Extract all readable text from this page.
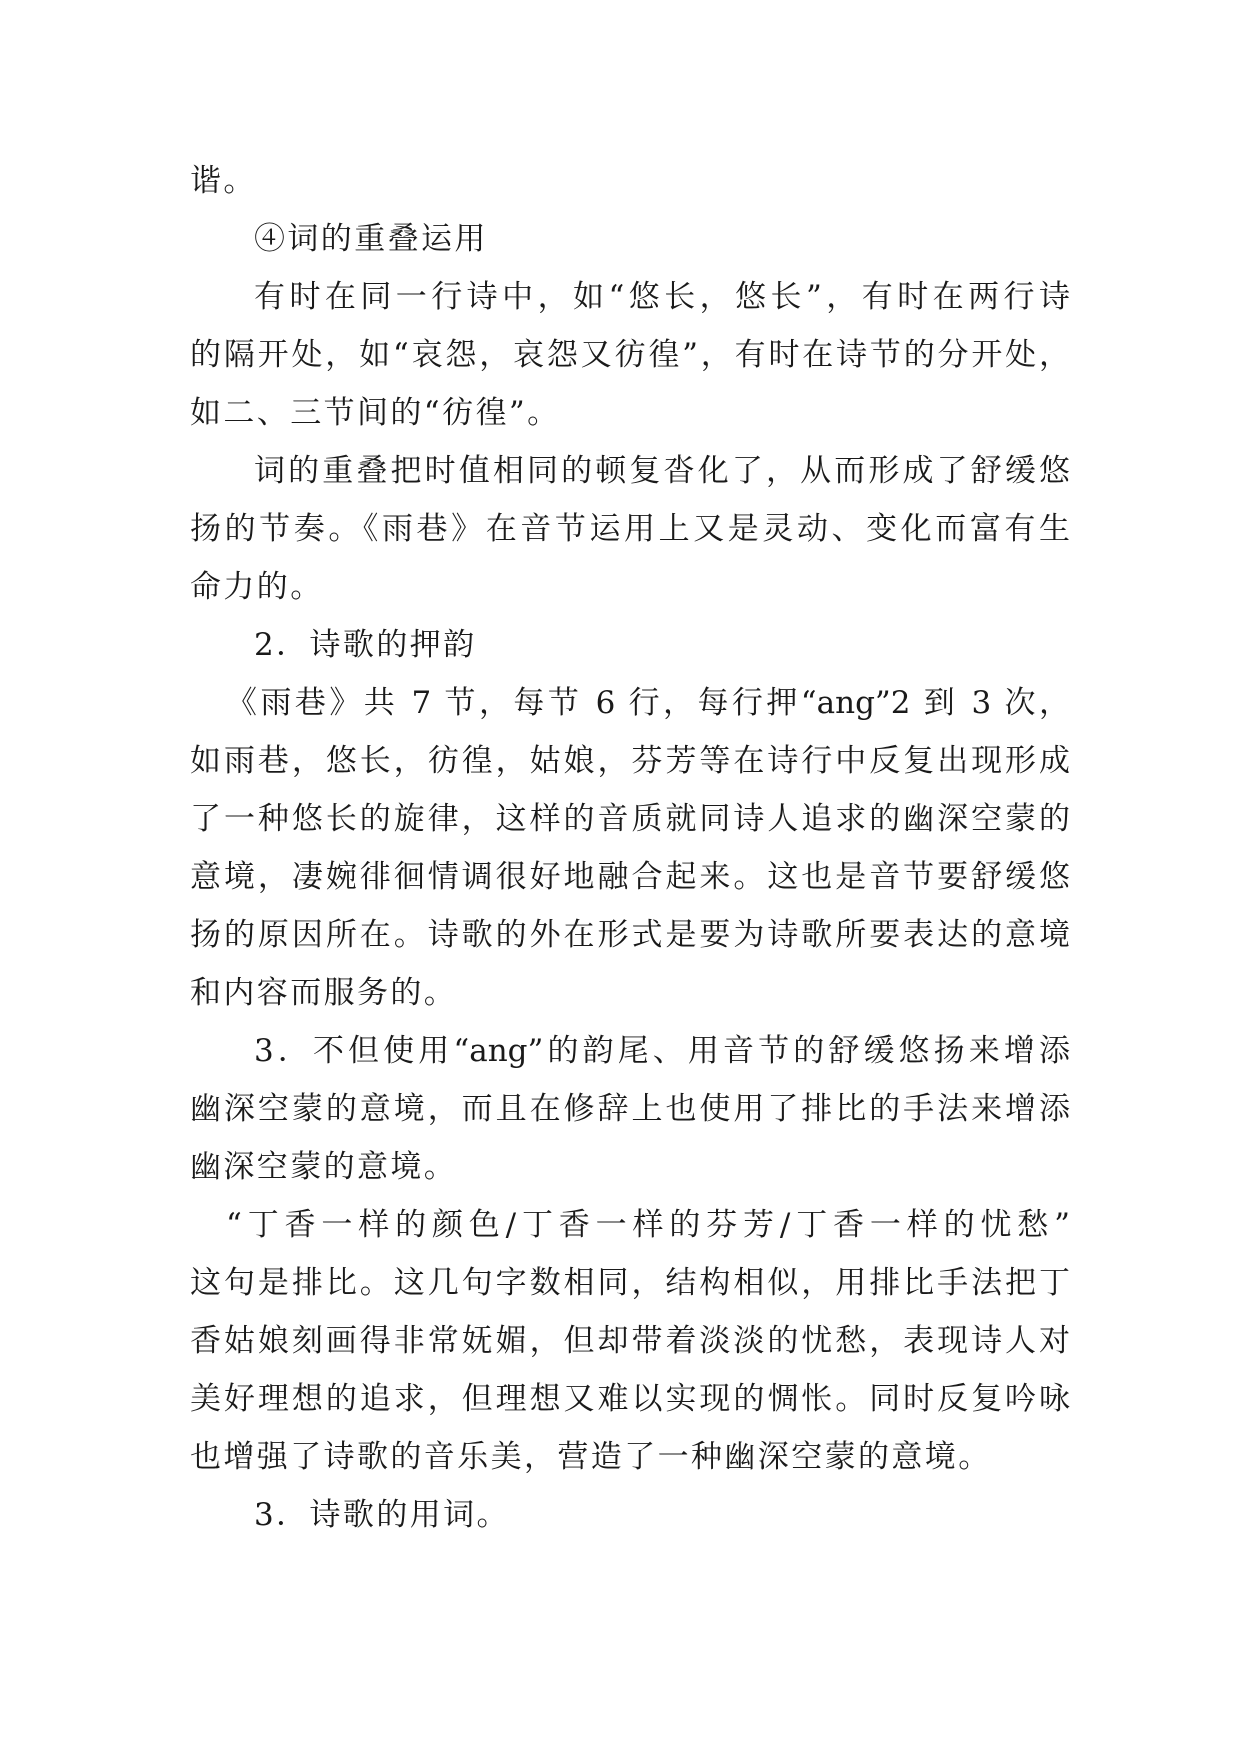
谐。
④词的重叠运用
有时在同一行诗中，如“悠长，悠长”，有时在两行诗
的隔开处，如“哀怨，哀怨又彷徨”，有时在诗节的分开处，
如二、三节间的“彷徨”。
词的重叠把时值相同的顿复沓化了，从而形成了舒缓悠
扬的节奏。《雨巷》在音节运用上又是灵动、变化而富有生
命力的。
2．诗歌的押韵
《雨巷》共 7 节，每节 6 行，每行押“ang”2 到 3 次，
如雨巷，悠长，彷徨，姑娘，芬芳等在诗行中反复出现形成
了一种悠长的旋律，这样的音质就同诗人追求的幽深空蒙的
意境，凄婉徘徊情调很好地融合起来。这也是音节要舒缓悠
扬的原因所在。诗歌的外在形式是要为诗歌所要表达的意境
和内容而服务的。
3．不但使用“ang”的韵尾、用音节的舒缓悠扬来增添
幽深空蒙的意境，而且在修辞上也使用了排比的手法来增添
幽深空蒙的意境。
“丁香一样的颜色/丁香一样的芬芳/丁香一样的忧愁”
这句是排比。这几句字数相同，结构相似，用排比手法把丁
香姑娘刻画得非常妩媚，但却带着淡淡的忧愁，表现诗人对
美好理想的追求，但理想又难以实现的惆怅。同时反复吟咏
也增强了诗歌的音乐美，营造了一种幽深空蒙的意境。
3．诗歌的用词。
